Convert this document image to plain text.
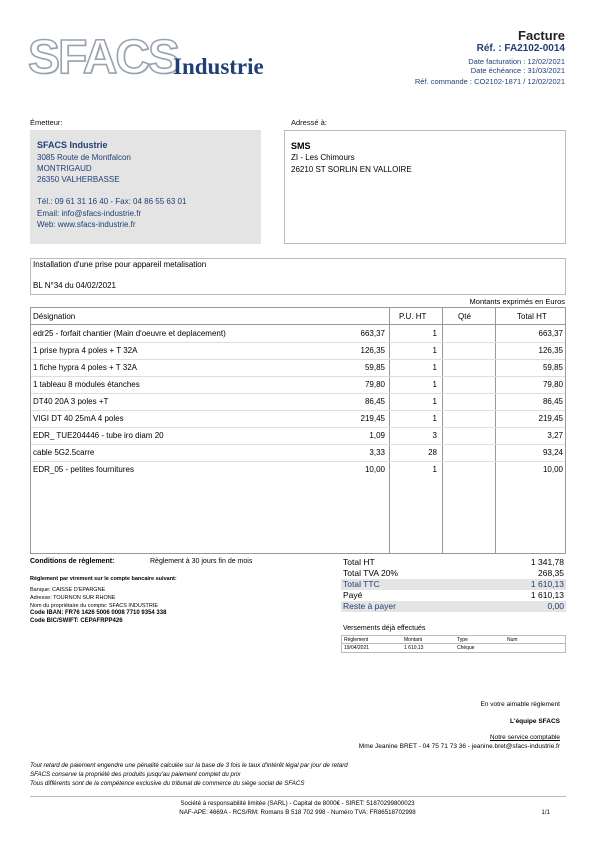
SFACS
Industrie
Facture
Réf. : FA2102-0014
Date facturation : 12/02/2021
Date échéance : 31/03/2021
Réf. commande : CO2102-1871 / 12/02/2021
Émetteur:
SFACS Industrie
3085 Route de Montfalcon
MONTRIGAUD
26350 VALHERBASSE
Tél.: 09 61 31 16 40 - Fax: 04 86 55 63 01
Email: info@sfacs-industrie.fr
Web: www.sfacs-industrie.fr
Adressé à:
SMS
ZI - Les Chimours
26210 ST SORLIN EN VALLOIRE
Installation d'une prise pour appareil metalisation
BL N°34 du 04/02/2021
Montants exprimés en Euros
Désignation	P.U. HT	Qté	Total HT
edr25 - forfait chantier (Main d'oeuvre et deplacement)	663,37	1	663,37
1 prise hypra 4 poles + T 32A	126,35	1	126,35
1 fiche hypra 4 poles + T 32A	59,85	1	59,85
1 tableau 8 modules étanches	79,80	1	79,80
DT40 20A 3 poles +T	86,45	1	86,45
VIGI DT 40 25mA 4 poles	219,45	1	219,45
EDR_ TUE204446 - tube iro diam 20	1,09	3	3,27
cable 5G2.5carre	3,33	28	93,24
EDR_05 - petites fournitures	10,00	1	10,00
Conditions de règlement:	Règlement à 30 jours fin de mois
Règlement par virement sur le compte bancaire suivant:
Banque: CAISSE D'EPARGNE
Adresse: TOURNON SUR RHONE
Nom du propriétaire du compte: SFACS INDUSTRIE
Code IBAN: FR76 1426 5006 0008 7710 9354 338
Code BIC/SWIFT: CEPAFRPP426
Total HT	1 341,78
Total TVA 20%	268,35
Total TTC	1 610,13
Payé	1 610,13
Reste à payer	0,00
Versements déjà effectués
Règlement	Montant	Type	Num
19/04/2021	1 610,13	Chèque
En votre aimable règlement
L'équipe SFACS
Notre service comptable
Mme Jeanine BRET - 04 75 71 73 36 - jeanine.bret@sfacs-industrie.fr
Tout retard de paiement engendre une pénalité calculée sur la base de 3 fois le taux d'intérêt légal par jour de retard
SFACS conserve la propriété des produits jusqu'au paiement complet du prix
Tous différents sont de la compétence exclusive du tribunal de commerce du siège social de SFACS
Société à responsabilité limitée (SARL) - Capital de 8000€ - SIRET: 51870299800023
NAF-APE: 4669A - RCS/RM: Romans B 518 702 998 - Numéro TVA: FR86518702998	1/1
